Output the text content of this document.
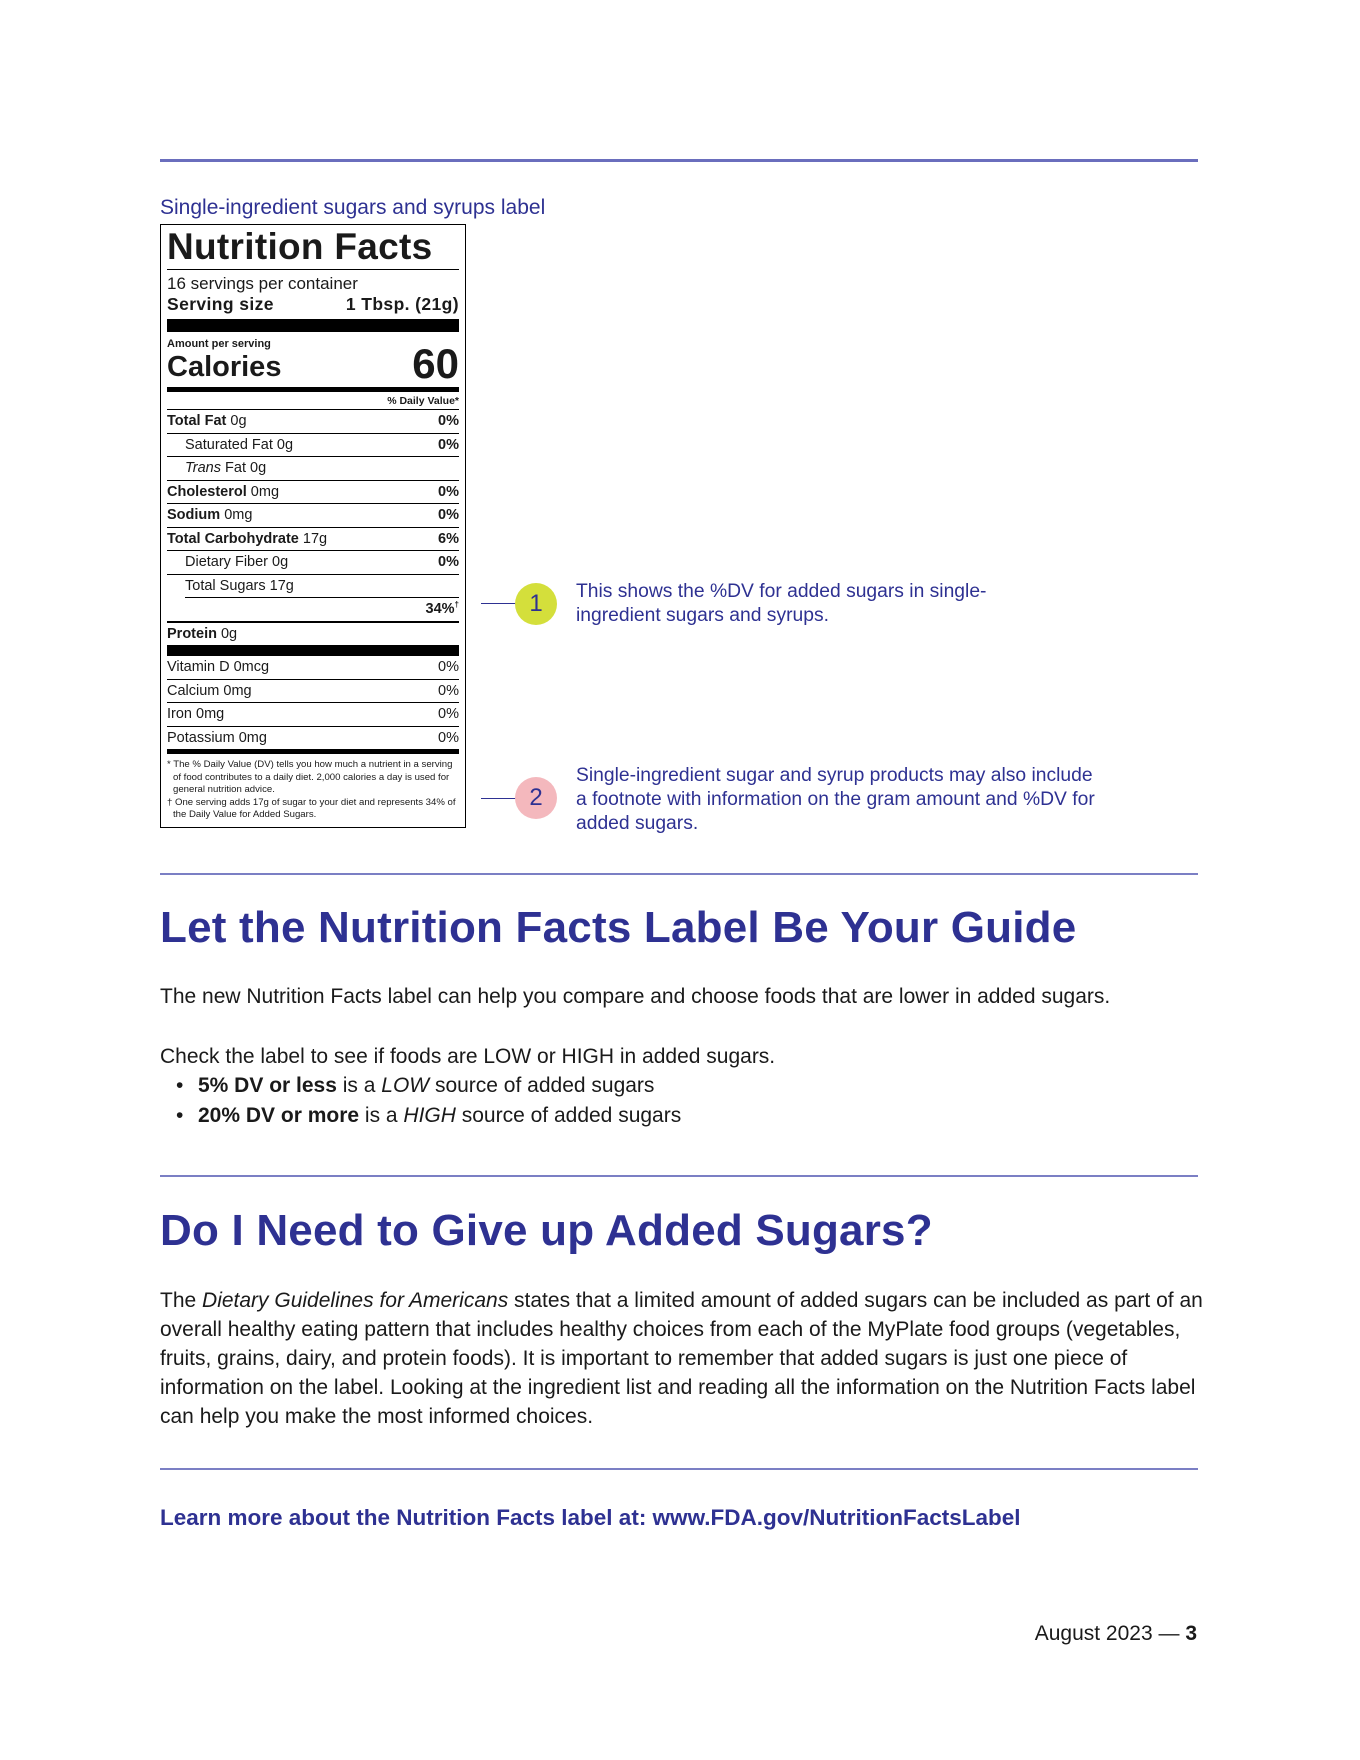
Single-ingredient sugars and syrups label
Nutrition Facts
16 servings per container
Serving size	1 Tbsp. (21g)
Amount per serving
Calories	60
% Daily Value*
Total Fat 0g	0%
Saturated Fat 0g	0%
Trans Fat 0g
Cholesterol 0mg	0%
Sodium 0mg	0%
Total Carbohydrate 17g	6%
Dietary Fiber 0g	0%
Total Sugars 17g
34%†
Protein 0g
Vitamin D 0mcg	0%
Calcium 0mg	0%
Iron 0mg	0%
Potassium 0mg	0%
* The % Daily Value (DV) tells you how much a nutrient in a serving of food contributes to a daily diet. 2,000 calories a day is used for general nutrition advice.
† One serving adds 17g of sugar to your diet and represents 34% of the Daily Value for Added Sugars.
1	This shows the %DV for added sugars in single-ingredient sugars and syrups.
2
Single-ingredient sugar and syrup products may also include a footnote with information on the gram amount and %DV for added sugars.
Let the Nutrition Facts Label Be Your Guide
The new Nutrition Facts label can help you compare and choose foods that are lower in added sugars.
Check the label to see if foods are LOW or HIGH in added sugars.
• 5% DV or less is a LOW source of added sugars
• 20% DV or more is a HIGH source of added sugars
Do I Need to Give up Added Sugars?
The Dietary Guidelines for Americans states that a limited amount of added sugars can be included as part of an overall healthy eating pattern that includes healthy choices from each of the MyPlate food groups (vegetables, fruits, grains, dairy, and protein foods). It is important to remember that added sugars is just one piece of information on the label. Looking at the ingredient list and reading all the information on the Nutrition Facts label can help you make the most informed choices.
Learn more about the Nutrition Facts label at: www.FDA.gov/NutritionFactsLabel
August 2023 — 3
